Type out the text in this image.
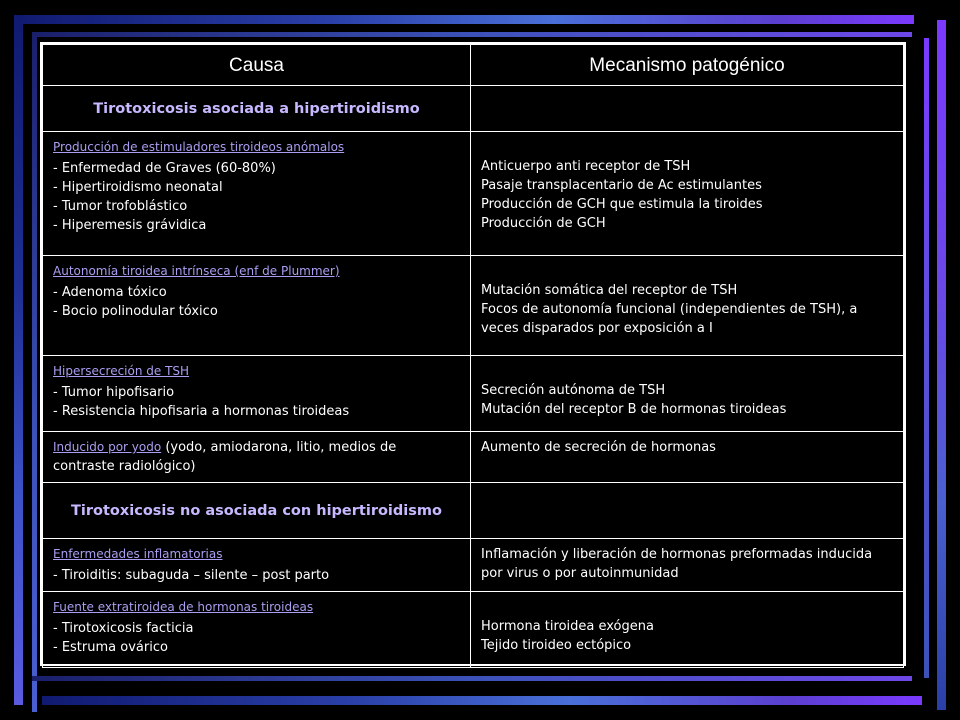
Causa	Mecanismo patogénico
Tirotoxicosis asociada a hipertiroidismo	

Producción de estimuladores tiroideos anómalos
- Enfermedad de Graves (60-80%)
- Hipertiroidismo neonatal
- Tumor trofoblástico
- Hiperemesis grávidica	Anticuerpo anti receptor de TSH
Pasaje transplacentario de Ac estimulantes
Producción de GCH que estimula la tiroides
Producción de GCH

Autonomía tiroidea intrínseca (enf de Plummer)
- Adenoma tóxico
- Bocio polinodular tóxico	Mutación somática del receptor de TSH
Focos de autonomía funcional (independientes de TSH), a veces disparados por exposición a I

Hipersecreción de TSH
- Tumor hipofisario
- Resistencia hipofisaria a hormonas tiroideas	Secreción autónoma de TSH
Mutación del receptor B de hormonas tiroideas

Inducido por yodo (yodo, amiodarona, litio, medios de contraste radiológico)	Aumento de secreción de hormonas

Tirotoxicosis no asociada con hipertiroidismo	

Enfermedades inflamatorias
- Tiroiditis: subaguda – silente – post parto	Inflamación y liberación de hormonas preformadas inducida por virus o por autoinmunidad

Fuente extratiroidea de hormonas tiroideas
- Tirotoxicosis facticia
- Estruma ovárico	Hormona tiroidea exógena
Tejido tiroideo ectópico
